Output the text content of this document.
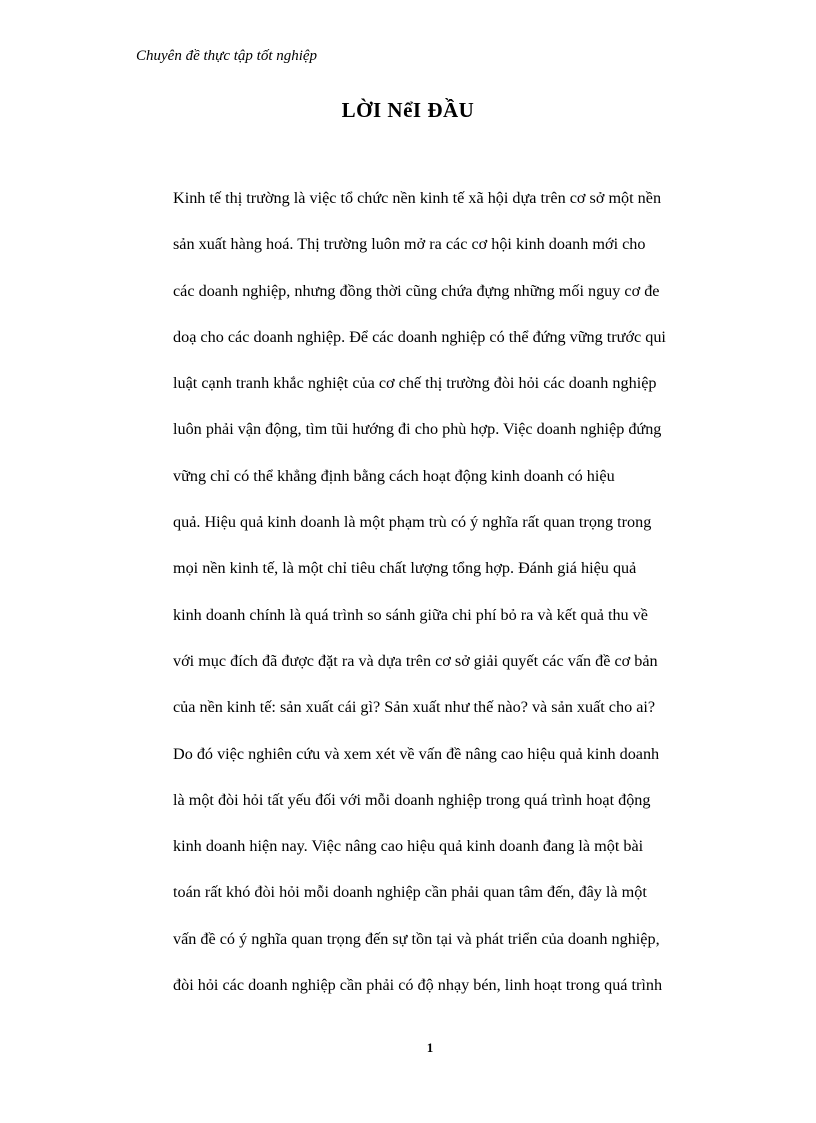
Chuyên đề thực tập tốt nghiệp
LỜI NểI ĐẦU
Kinh tế thị trường là việc tổ chức nền kinh tế xã hội dựa trên cơ sở một nền
sản xuất hàng hoá. Thị trường luôn mở ra các cơ hội kinh doanh mới cho
các doanh nghiệp, nhưng đồng thời cũng chứa đựng những mối nguy cơ đe
doạ cho các doanh nghiệp. Để các doanh nghiệp có thể đứng vững trước qui
luật cạnh tranh khắc nghiệt của cơ chế thị trường đòi hỏi các doanh nghiệp
luôn phải vận động, tìm tũi hướng đi cho phù hợp. Việc doanh nghiệp đứng
vững chỉ có thể khẳng định bằng cách hoạt động kinh doanh có hiệu
quả. Hiệu quả kinh doanh là một phạm trù có ý nghĩa rất quan trọng trong
mọi nền kinh tế, là một chỉ tiêu chất lượng tổng hợp. Đánh giá hiệu quả
kinh doanh chính là quá trình so sánh giữa chi phí bỏ ra và kết quả thu về
với mục đích đã được đặt ra và dựa trên cơ sở giải quyết các vấn đề cơ bản
của nền kinh tế: sản xuất cái gì? Sản xuất như thế nào? và sản xuất cho ai?
Do đó việc nghiên cứu và xem xét về vấn đề nâng cao hiệu quả kinh doanh
là một đòi hỏi tất yếu đối với mỗi doanh nghiệp trong quá trình hoạt động
kinh doanh hiện nay. Việc nâng cao hiệu quả kinh doanh đang là một bài
toán rất khó đòi hỏi mỗi doanh nghiệp cần phải quan tâm đến, đây là một
vấn đề có ý nghĩa quan trọng đến sự tồn tại và phát triển của doanh nghiệp,
đòi hỏi các doanh nghiệp cần phải có độ nhạy bén, linh hoạt trong quá trình
1
